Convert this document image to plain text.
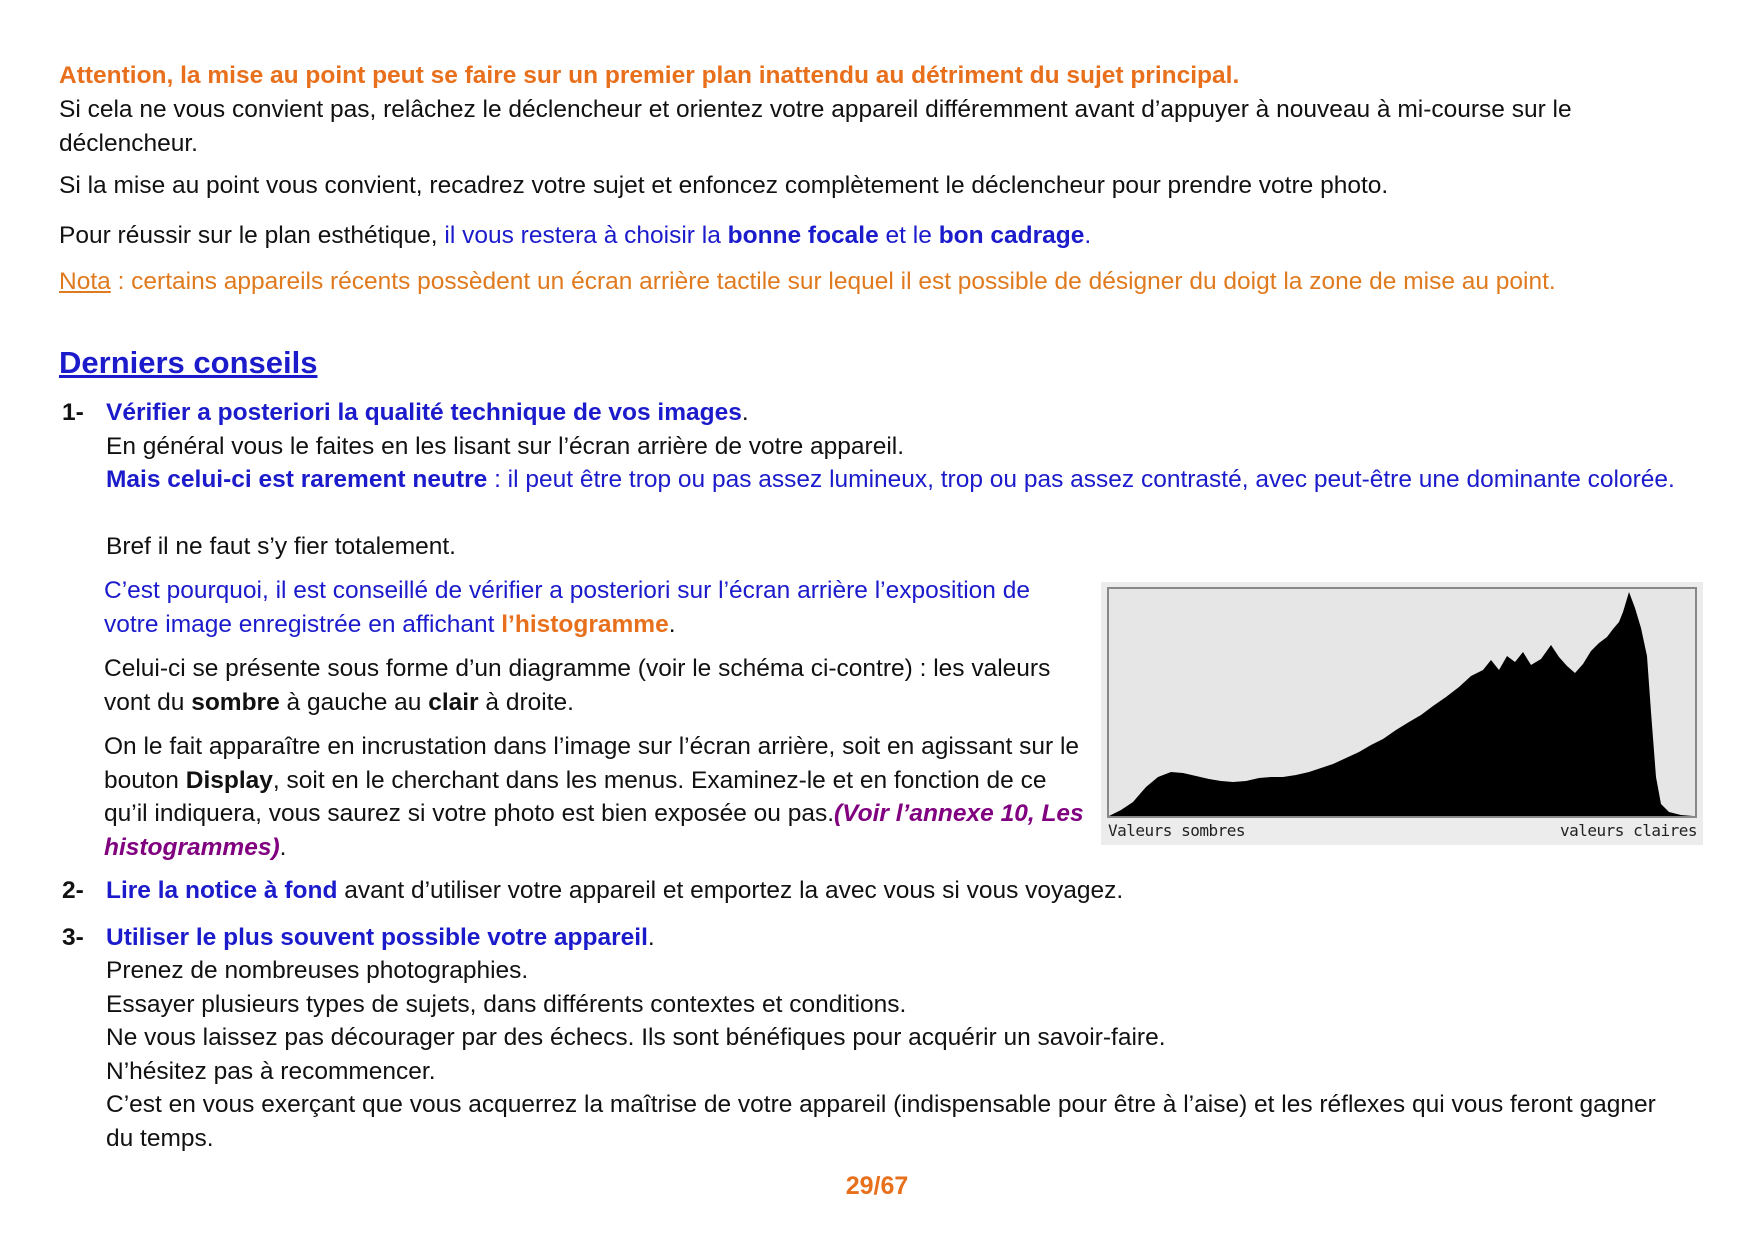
Attention, la mise au point peut se faire sur un premier plan inattendu au détriment du sujet principal.

Si cela ne vous convient pas, relâchez le déclencheur et orientez votre appareil différemment avant d’appuyer à nouveau à mi-course sur le déclencheur.

Si la mise au point vous convient, recadrez votre sujet et enfoncez complètement le déclencheur pour prendre votre photo.

Pour réussir sur le plan esthétique, il vous restera à choisir la bonne focale et le bon cadrage.

Nota : certains appareils récents possèdent un écran arrière tactile sur lequel il est possible de désigner du doigt la zone de mise au point.

Derniers conseils
1- Vérifier a posteriori la qualité technique de vos images.

En général vous le faites en les lisant sur l’écran arrière de votre appareil.

Mais celui-ci est rarement neutre : il peut être trop ou pas assez lumineux, trop ou pas assez contrasté, avec peut-être une dominante colorée.

Bref il ne faut s’y fier totalement.

C’est pourquoi, il est conseillé de vérifier a posteriori sur l’écran arrière l’exposition de votre image enregistrée en affichant l’histogramme.

Celui-ci se présente sous forme d’un diagramme (voir le schéma ci-contre) : les valeurs vont du sombre à gauche au clair à droite.

On le fait apparaître en incrustation dans l’image sur l’écran arrière, soit en agissant sur le bouton Display, soit en le cherchant dans les menus. Examinez-le et en fonction de ce qu’il indiquera, vous saurez si votre photo est bien exposée ou pas.(Voir l’annexe 10, Les histogrammes).

Valeurs sombres	valeurs claires
2- Lire la notice à fond avant d’utiliser votre appareil et emportez la avec vous si vous voyagez.

3- Utiliser le plus souvent possible votre appareil.

Prenez de nombreuses photographies.

Essayer plusieurs types de sujets, dans différents contextes et conditions.

Ne vous laissez pas décourager par des échecs. Ils sont bénéfiques pour acquérir un savoir-faire.

N’hésitez pas à recommencer.

C’est en vous exerçant que vous acquerrez la maîtrise de votre appareil (indispensable pour être à l’aise) et les réflexes qui vous feront gagner du temps.

29/67
